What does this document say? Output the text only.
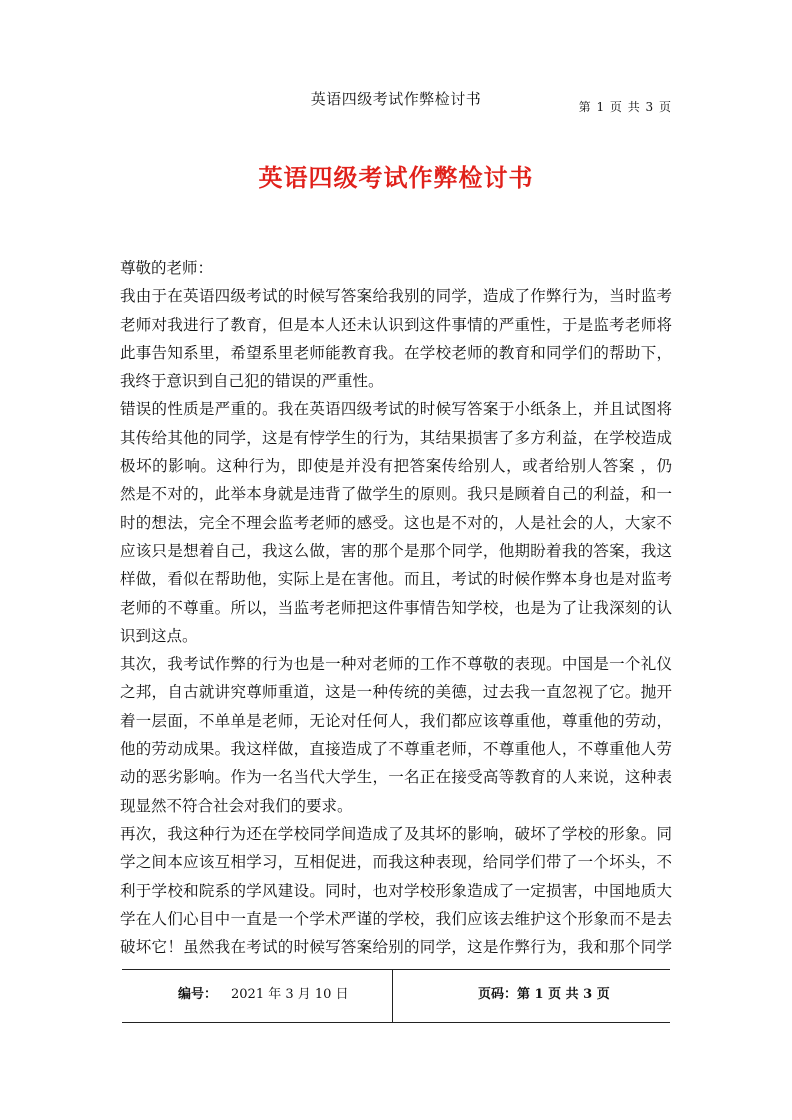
英语四级考试作弊检讨书	第 1 页 共 3 页
英语四级考试作弊检讨书
尊敬的老师：
我由于在英语四级考试的时候写答案给我别的同学，造成了作弊行为，当时监考
老师对我进行了教育，但是本人还未认识到这件事情的严重性，于是监考老师将
此事告知系里，希望系里老师能教育我。在学校老师的教育和同学们的帮助下，
我终于意识到自己犯的错误的严重性。
错误的性质是严重的。我在英语四级考试的时候写答案于小纸条上，并且试图将
其传给其他的同学，这是有悖学生的行为，其结果损害了多方利益，在学校造成
极坏的影响。这种行为，即使是并没有把答案传给别人，或者给别人答案 ，仍
然是不对的，此举本身就是违背了做学生的原则。我只是顾着自己的利益，和一
时的想法，完全不理会监考老师的感受。这也是不对的，人是社会的人，大家不
应该只是想着自己，我这么做，害的那个是那个同学，他期盼着我的答案，我这
样做，看似在帮助他，实际上是在害他。而且，考试的时候作弊本身也是对监考
老师的不尊重。所以，当监考老师把这件事情告知学校，也是为了让我深刻的认
识到这点。
其次，我考试作弊的行为也是一种对老师的工作不尊敬的表现。中国是一个礼仪
之邦，自古就讲究尊师重道，这是一种传统的美德，过去我一直忽视了它。抛开
着一层面，不单单是老师，无论对任何人，我们都应该尊重他，尊重他的劳动，
他的劳动成果。我这样做，直接造成了不尊重老师，不尊重他人，不尊重他人劳
动的恶劣影响。作为一名当代大学生，一名正在接受高等教育的人来说，这种表
现显然不符合社会对我们的要求。
再次，我这种行为还在学校同学间造成了及其坏的影响，破坏了学校的形象。同
学之间本应该互相学习，互相促进，而我这种表现，给同学们带了一个坏头，不
利于学校和院系的学风建设。同时，也对学校形象造成了一定损害，中国地质大
学在人们心目中一直是一个学术严谨的学校，我们应该去维护这个形象而不是去
破坏它！虽然我在考试的时候写答案给别的同学，这是作弊行为，我和那个同学
编号： 2021 年 3 月 10 日	页码：第 1 页 共 3 页
